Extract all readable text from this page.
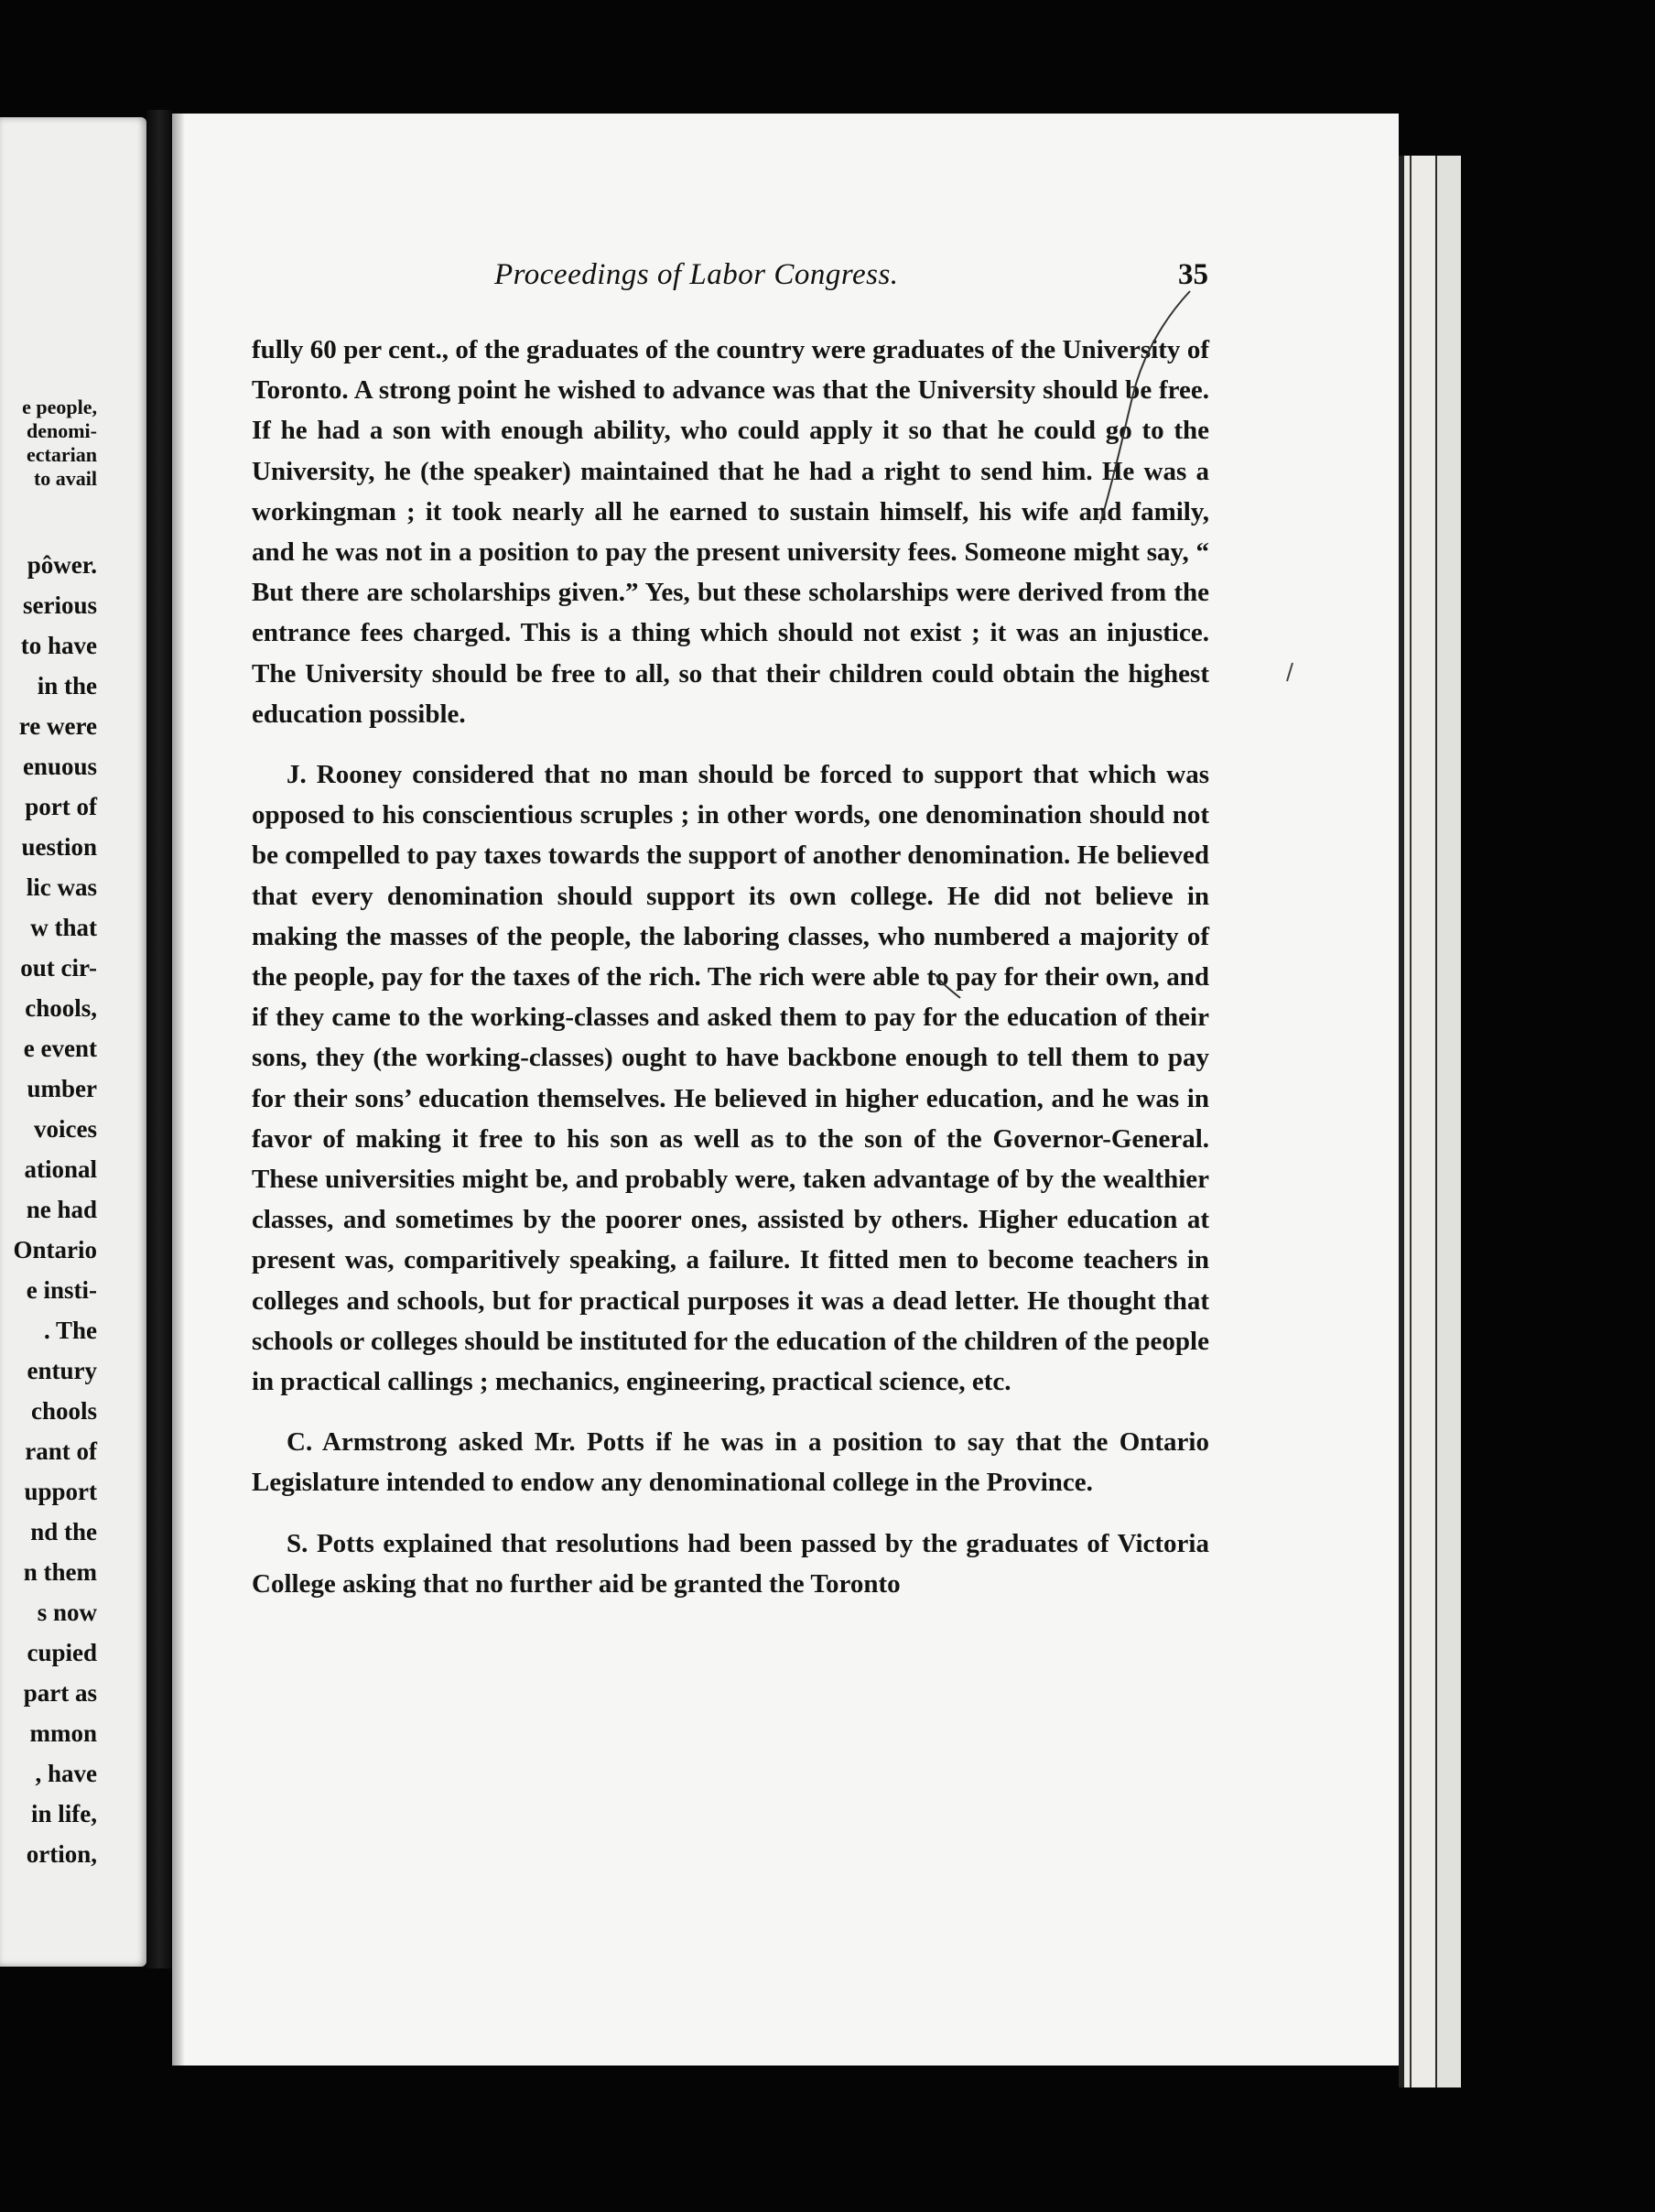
e people,
denomi-
ectarian
to avail
pôwer.
serious
to have
in the
re were
enuous
port of
uestion
lic was
w that
out cir-
chools,
e event
umber
voices
ational
ne had
Ontario
e insti-
. The
entury
chools
rant of
upport
nd the
n them
s now
cupied
part as
mmon
, have
in life,
ortion,
Proceedings of Labor Congress.	35

fully 60 per cent., of the graduates of the country were graduates of the University of Toronto. A strong point he wished to advance was that the University should be free. If he had a son with enough ability, who could apply it so that he could go to the University, he (the speaker) maintained that he had a right to send him. He was a workingman ; it took nearly all he earned to sustain himself, his wife and family, and he was not in a position to pay the present university fees. Someone might say, “ But there are scholarships given.” Yes, but these scholarships were derived from the entrance fees charged. This is a thing which should not exist ; it was an injustice. The University should be free to all, so that their children could obtain the highest education possible.

J. Rooney considered that no man should be forced to support that which was opposed to his conscientious scruples ; in other words, one denomination should not be compelled to pay taxes towards the support of another denomination. He believed that every denomination should support its own college. He did not believe in making the masses of the people, the laboring classes, who numbered a majority of the people, pay for the taxes of the rich. The rich were able to pay for their own, and if they came to the working-classes and asked them to pay for the education of their sons, they (the working-classes) ought to have backbone enough to tell them to pay for their sons’ education themselves. He believed in higher education, and he was in favor of making it free to his son as well as to the son of the Governor-General. These universities might be, and probably were, taken advantage of by the wealthier classes, and sometimes by the poorer ones, assisted by others. Higher education at present was, comparitively speaking, a failure. It fitted men to become teachers in colleges and schools, but for practical purposes it was a dead letter. He thought that schools or colleges should be instituted for the education of the children of the people in practical callings ; mechanics, engineering, practical science, etc.

C. Armstrong asked Mr. Potts if he was in a position to say that the Ontario Legislature intended to endow any denominational college in the Province.

S. Potts explained that resolutions had been passed by the graduates of Victoria College asking that no further aid be granted the Toronto
